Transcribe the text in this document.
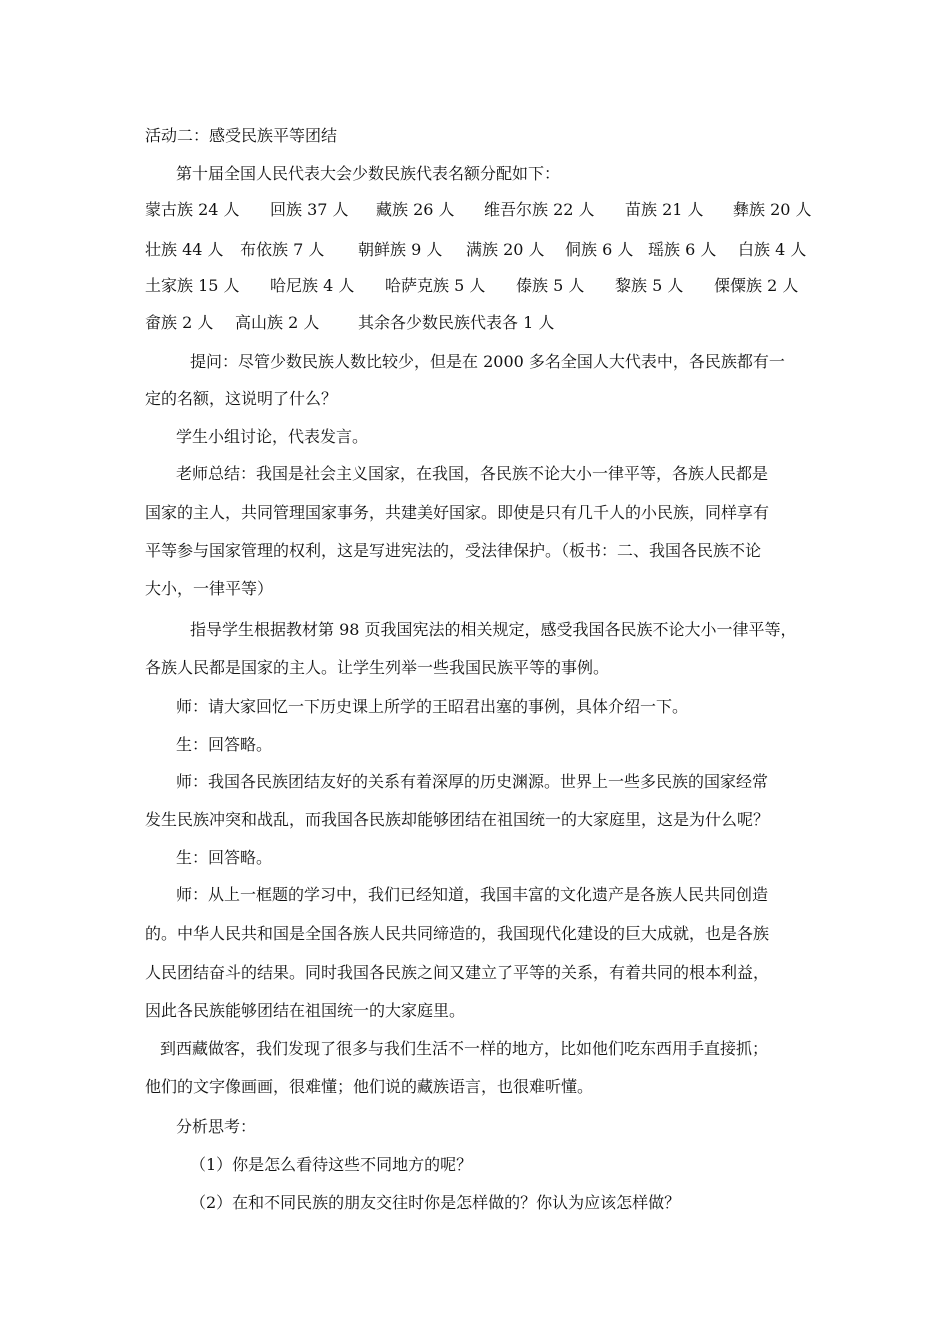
活动二：感受民族平等团结
第十届全国人民代表大会少数民族代表名额分配如下：
蒙古族 24 人 回族 37 人 藏族 26 人 维吾尔族 22 人 苗族 21 人 彝族 20 人
壮族 44 人 布依族 7 人 朝鲜族 9 人 满族 20 人 侗族 6 人 瑶族 6 人 白族 4 人
土家族 15 人 哈尼族 4 人 哈萨克族 5 人 傣族 5 人 黎族 5 人 傈僳族 2 人
畲族 2 人 高山族 2 人 其余各少数民族代表各 1 人
提问：尽管少数民族人数比较少，但是在 2000 多名全国人大代表中，各民族都有一
定的名额，这说明了什么？
学生小组讨论，代表发言。
老师总结：我国是社会主义国家，在我国，各民族不论大小一律平等，各族人民都是
国家的主人，共同管理国家事务，共建美好国家。即使是只有几千人的小民族，同样享有
平等参与国家管理的权利，这是写进宪法的，受法律保护。（板书：二、我国各民族不论
大小，一律平等）
指导学生根据教材第 98 页我国宪法的相关规定，感受我国各民族不论大小一律平等，
各族人民都是国家的主人。让学生列举一些我国民族平等的事例。
师：请大家回忆一下历史课上所学的王昭君出塞的事例，具体介绍一下。
生：回答略。
师：我国各民族团结友好的关系有着深厚的历史渊源。世界上一些多民族的国家经常
发生民族冲突和战乱，而我国各民族却能够团结在祖国统一的大家庭里，这是为什么呢？
生：回答略。
师：从上一框题的学习中，我们已经知道，我国丰富的文化遗产是各族人民共同创造
的。中华人民共和国是全国各族人民共同缔造的，我国现代化建设的巨大成就，也是各族
人民团结奋斗的结果。同时我国各民族之间又建立了平等的关系，有着共同的根本利益，
因此各民族能够团结在祖国统一的大家庭里。
到西藏做客，我们发现了很多与我们生活不一样的地方，比如他们吃东西用手直接抓；
他们的文字像画画，很难懂；他们说的藏族语言，也很难听懂。
分析思考：
（1）你是怎么看待这些不同地方的呢？
（2）在和不同民族的朋友交往时你是怎样做的？你认为应该怎样做？
